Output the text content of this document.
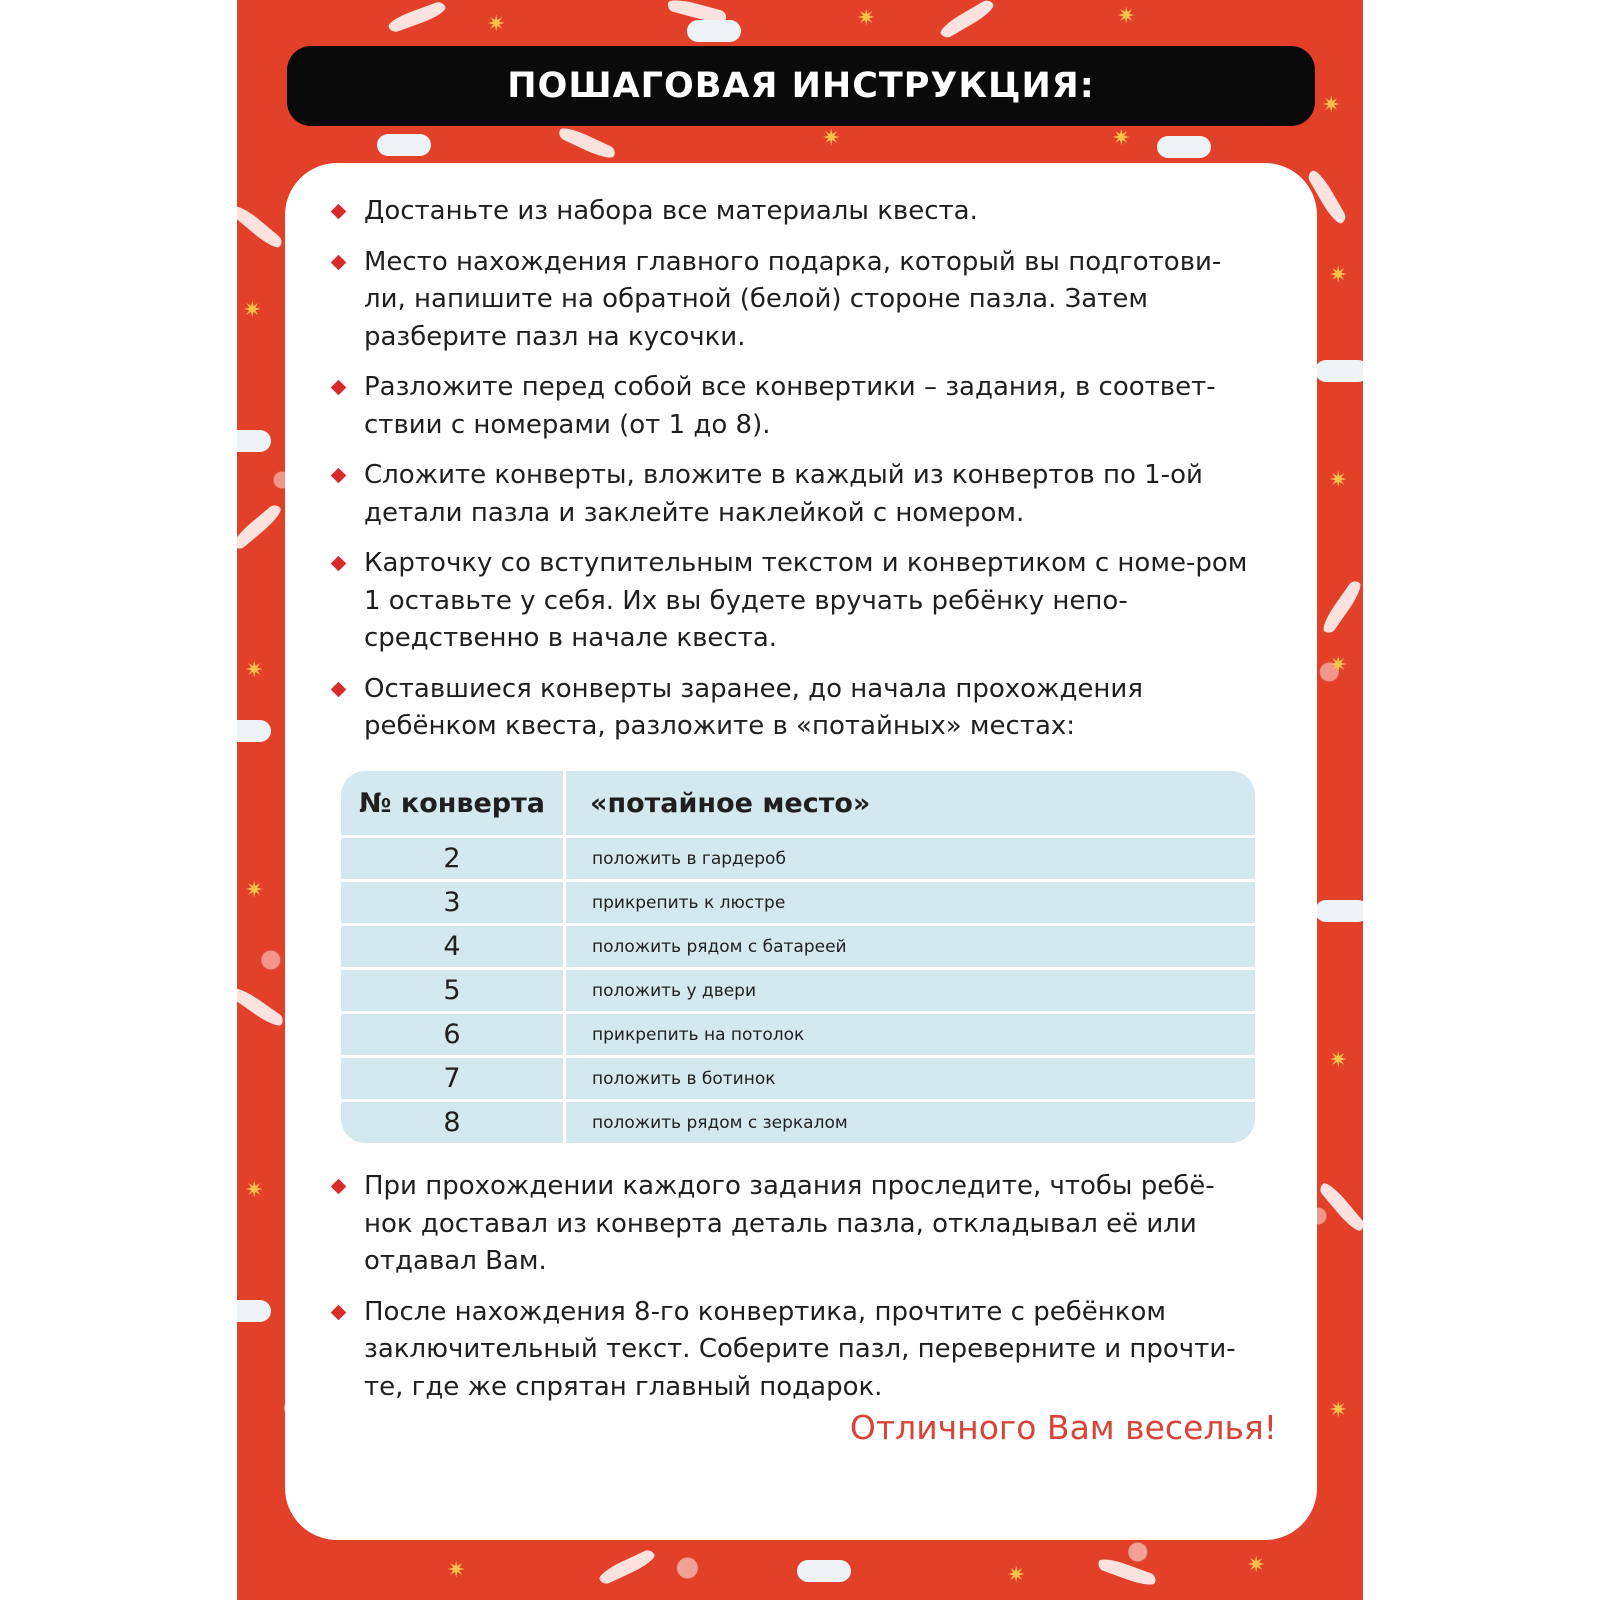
✷	✷	✷
✷	✷
✷
✷
✷
✷
✷	✷
✷
✷
✷
✷
✷	✷	✷
ПОШАГОВАЯ ИНСТРУКЦИЯ:
Достаньте из набора все материалы квеста.
Место нахождения главного подарка, который вы подготови-ли, напишите на обратной (белой) стороне пазла. Затем разберите пазл на кусочки.
Разложите перед собой все конвертики – задания, в соответ-ствии с номерами (от 1 до 8).
Сложите конверты, вложите в каждый из конвертов по 1-ой детали пазла и заклейте наклейкой с номером.
Карточку со вступительным текстом и конвертиком с номе-ром 1 оставьте у себя. Их вы будете вручать ребёнку непо-средственно в начале квеста.
Оставшиеся конверты заранее, до начала прохождения ребёнком квеста, разложите в «потайных» местах:
№ конверта	«потайное место»
2	положить в гардероб
3	прикрепить к люстре
4	положить рядом с батареей
5	положить у двери
6	прикрепить на потолок
7	положить в ботинок
8	положить рядом с зеркалом
При прохождении каждого задания проследите, чтобы ребё-нок доставал из конверта деталь пазла, откладывал её или отдавал Вам.
После нахождения 8-го конвертика, прочтите с ребёнком заключительный текст. Соберите пазл, переверните и прочти-те, где же спрятан главный подарок.
Отличного Вам веселья!
